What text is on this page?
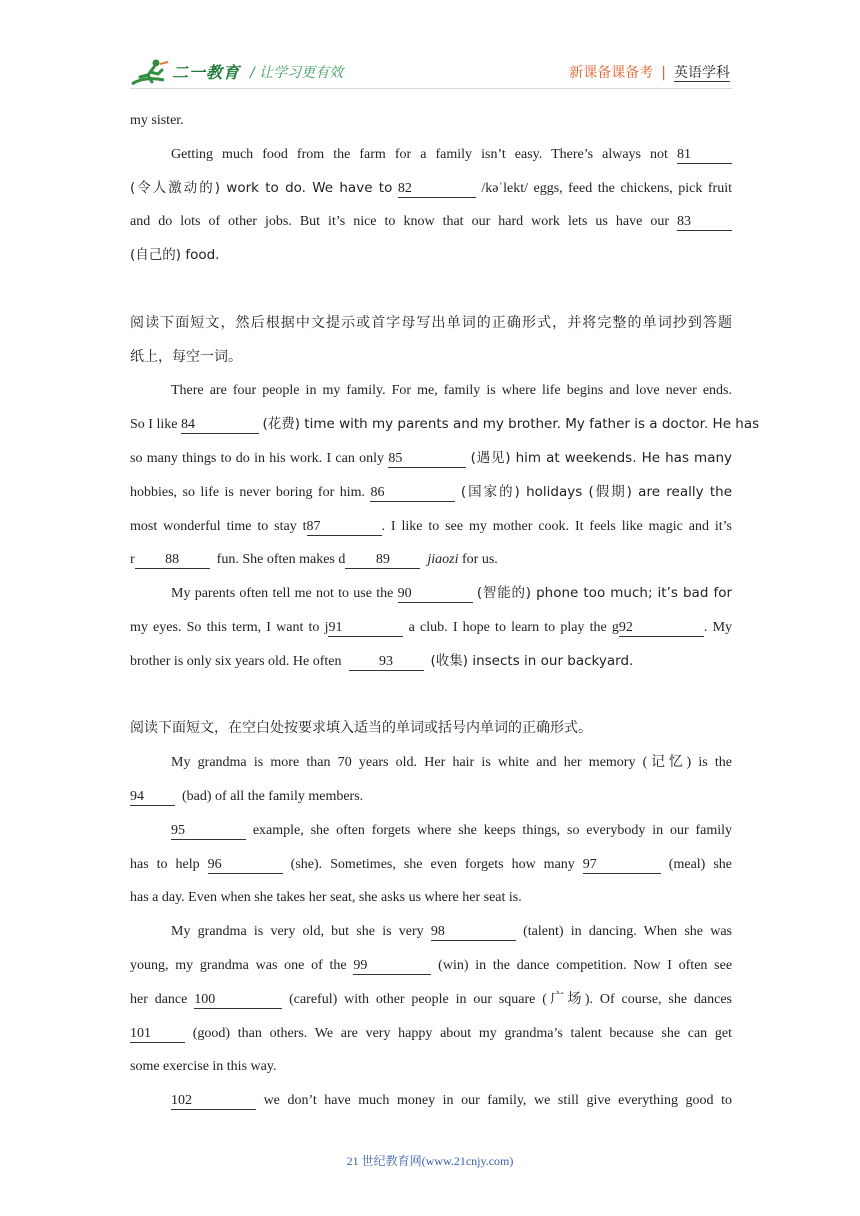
二一教育 / 让学习更有效	新课备课备考 | 英语学科
my sister.
Getting much food from the farm for a family isn’t easy. There’s always not 81
(令人激动的) work to do. We have to 82	/kəˈlekt/ eggs, feed the chickens, pick fruit
and do lots of other jobs. But it’s nice to know that our hard work lets us have our 83
(自己的) food.
阅读下面短文，然后根据中文提示或首字母写出单词的正确形式，并将完整的单词抄到答题
纸上，每空一词。
There are four people in my family. For me, family is where life begins and love never ends.
So I like 84	(花费) time with my parents and my brother. My father is a doctor. He has
so many things to do in his work. I can only 85	(遇见) him at weekends. He has many
hobbies, so life is never boring for him. 86	(国家的) holidays (假期) are really the
most wonderful time to stay t87	. I like to see my mother cook. It feels like magic and it’s
r 88	fun. She often makes d 89	jiaozi for us.
My parents often tell me not to use the 90	(智能的) phone too much; it’s bad for
my eyes. So this term, I want to j91	a club. I hope to learn to play the g92	. My
brother is only six years old. He often	93	(收集) insects in our backyard.
阅读下面短文，在空白处按要求填入适当的单词或括号内单词的正确形式。
My grandma is more than 70 years old. Her hair is white and her memory (记忆) is the
94	(bad) of all the family members.
95	example, she often forgets where she keeps things, so everybody in our family
has to help 96	(she). Sometimes, she even forgets how many 97	(meal) she
has a day. Even when she takes her seat, she asks us where her seat is.
My grandma is very old, but she is very 98	(talent) in dancing. When she was
young, my grandma was one of the 99	(win) in the dance competition. Now I often see
her dance 100	(careful) with other people in our square (广场). Of course, she dances
101	(good) than others. We are very happy about my grandma’s talent because she can get
some exercise in this way.
102	we don’t have much money in our family, we still give everything good to
21 世纪教育网(www.21cnjy.com)
